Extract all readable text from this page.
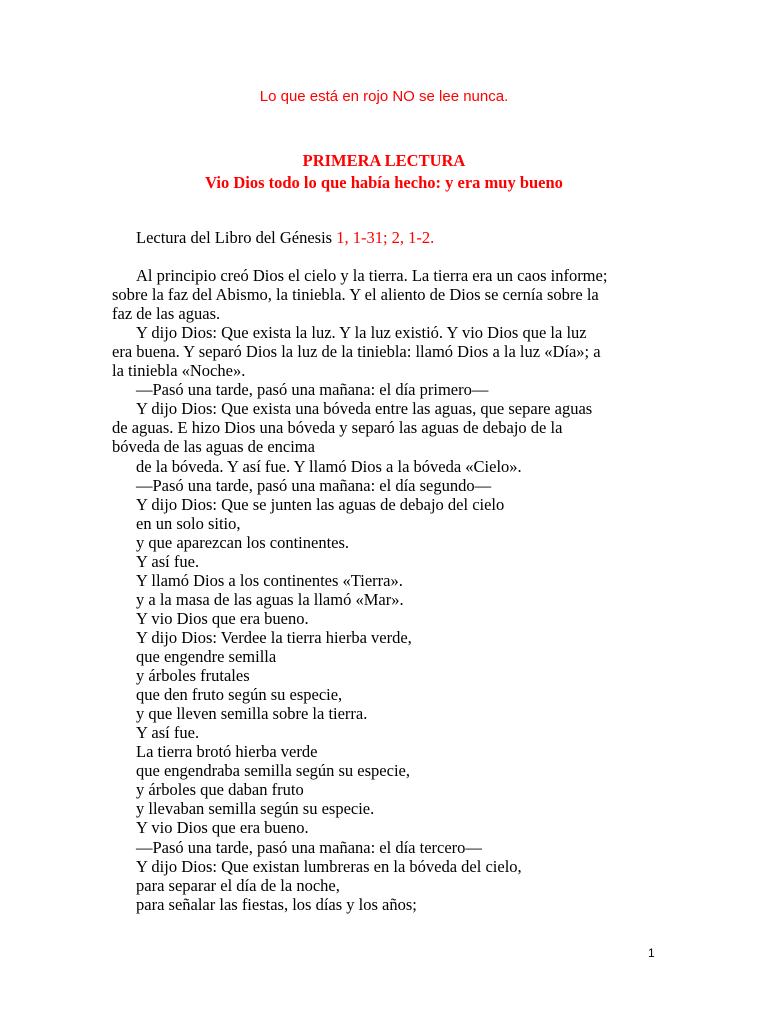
Lo que está en rojo NO se lee nunca.
PRIMERA LECTURA
Vio Dios todo lo que había hecho: y era muy bueno
Lectura del Libro del Génesis 1, 1-31; 2, 1-2.
Al principio creó Dios el cielo y la tierra. La tierra era un caos informe;
sobre la faz del Abismo, la tiniebla. Y el aliento de Dios se cernía sobre la
faz de las aguas.
Y dijo Dios: Que exista la luz. Y la luz existió. Y vio Dios que la luz
era buena. Y separó Dios la luz de la tiniebla: llamó Dios a la luz «Día»; a
la tiniebla «Noche».
—Pasó una tarde, pasó una mañana: el día primero—
Y dijo Dios: Que exista una bóveda entre las aguas, que separe aguas
de aguas. E hizo Dios una bóveda y separó las aguas de debajo de la
bóveda de las aguas de encima
de la bóveda. Y así fue. Y llamó Dios a la bóveda «Cielo».
—Pasó una tarde, pasó una mañana: el día segundo—
Y dijo Dios: Que se junten las aguas de debajo del cielo
en un solo sitio,
y que aparezcan los continentes.
Y así fue.
Y llamó Dios a los continentes «Tierra».
y a la masa de las aguas la llamó «Mar».
Y vio Dios que era bueno.
Y dijo Dios: Verdee la tierra hierba verde,
que engendre semilla
y árboles frutales
que den fruto según su especie,
y que lleven semilla sobre la tierra.
Y así fue.
La tierra brotó hierba verde
que engendraba semilla según su especie,
y árboles que daban fruto
y llevaban semilla según su especie.
Y vio Dios que era bueno.
—Pasó una tarde, pasó una mañana: el día tercero—
Y dijo Dios: Que existan lumbreras en la bóveda del cielo,
para separar el día de la noche,
para señalar las fiestas, los días y los años;
1
